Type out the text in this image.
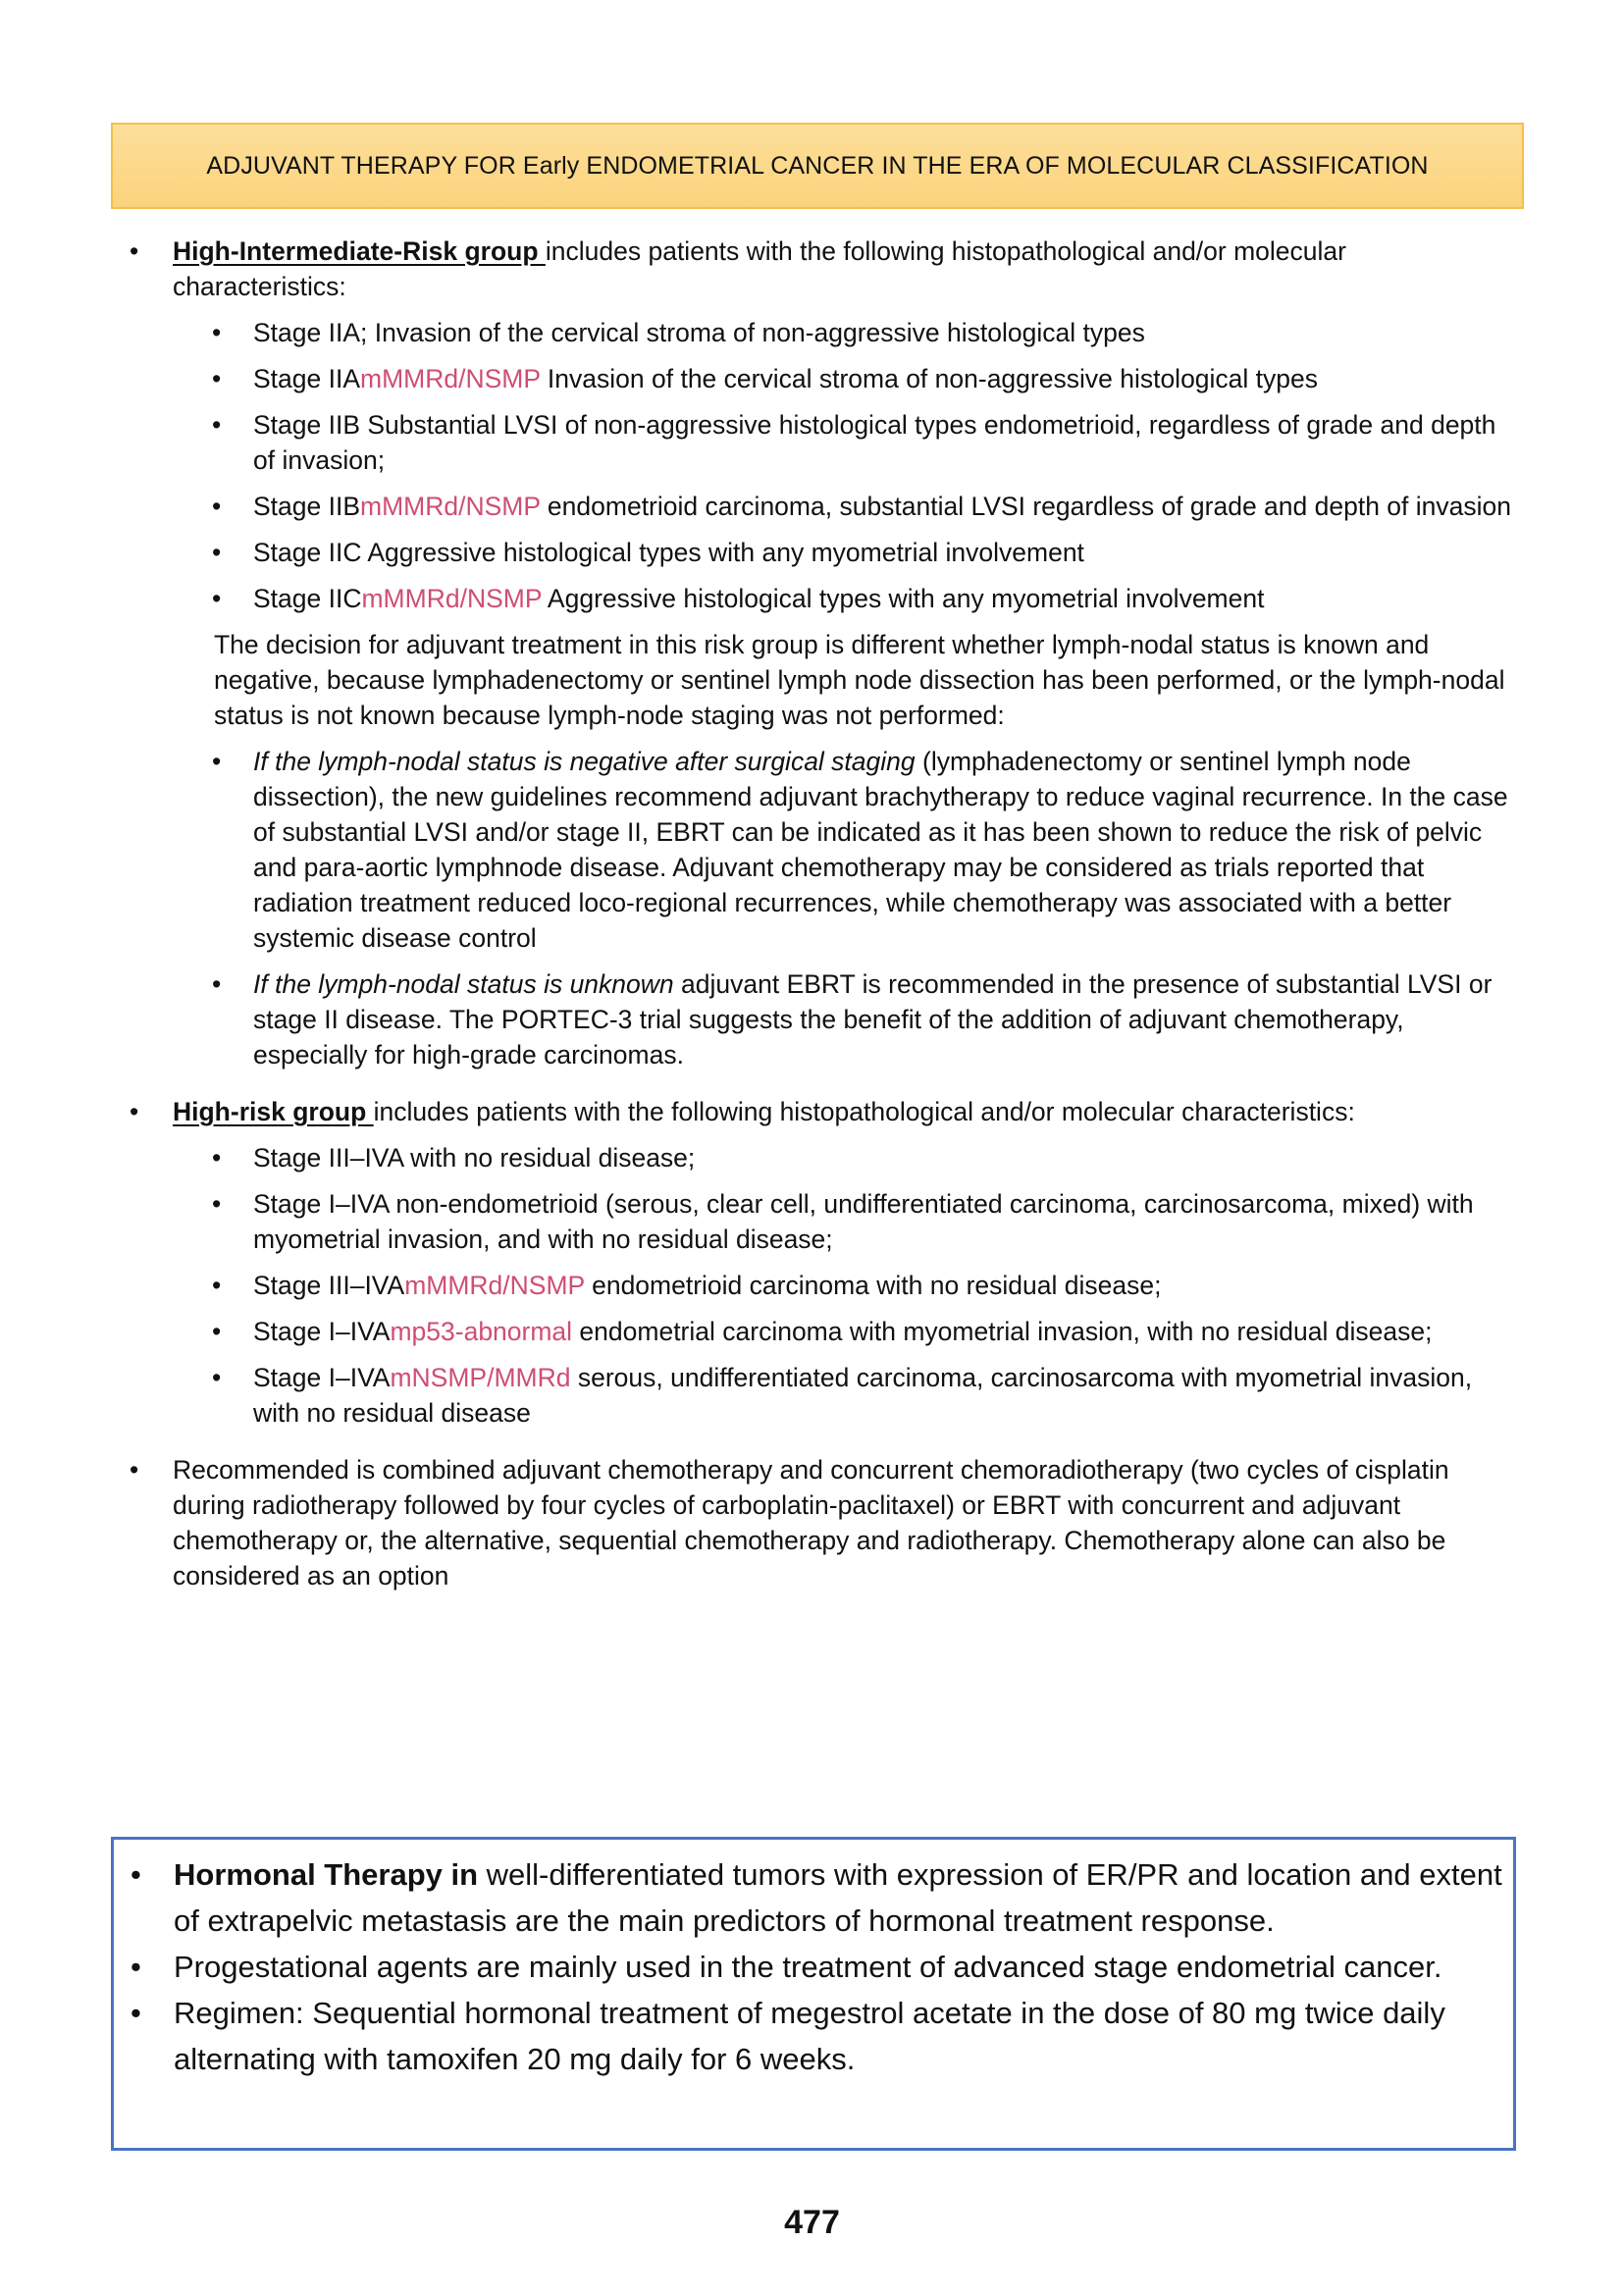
ADJUVANT THERAPY FOR Early ENDOMETRIAL CANCER IN THE ERA OF MOLECULAR CLASSIFICATION

• High-Intermediate-Risk group includes patients with the following histopathological and/or molecular characteristics:

• Stage IIA; Invasion of the cervical stroma of non-aggressive histological types

• Stage IIAmMMRd/NSMP Invasion of the cervical stroma of non-aggressive histological types

• Stage IIB Substantial LVSI of non-aggressive histological types endometrioid, regardless of grade and depth of invasion;

• Stage IIBmMMRd/NSMP endometrioid carcinoma, substantial LVSI regardless of grade and depth of invasion

• Stage IIC Aggressive histological types with any myometrial involvement

• Stage IICmMMRd/NSMP Aggressive histological types with any myometrial involvement

The decision for adjuvant treatment in this risk group is different whether lymph-nodal status is known and negative, because lymphadenectomy or sentinel lymph node dissection has been performed, or the lymph-nodal status is not known because lymph-node staging was not performed:

• If the lymph-nodal status is negative after surgical staging (lymphadenectomy or sentinel lymph node dissection), the new guidelines recommend adjuvant brachytherapy to reduce vaginal recurrence. In the case of substantial LVSI and/or stage II, EBRT can be indicated as it has been shown to reduce the risk of pelvic and para-aortic lymphnode disease. Adjuvant chemotherapy may be considered as trials reported that radiation treatment reduced loco-regional recurrences, while chemotherapy was associated with a better systemic disease control

• If the lymph-nodal status is unknown adjuvant EBRT is recommended in the presence of substantial LVSI or stage II disease. The PORTEC-3 trial suggests the benefit of the addition of adjuvant chemotherapy, especially for high-grade carcinomas.

• High-risk group includes patients with the following histopathological and/or molecular characteristics:

• Stage III–IVA with no residual disease;

• Stage I–IVA non-endometrioid (serous, clear cell, undifferentiated carcinoma, carcinosarcoma, mixed) with myometrial invasion, and with no residual disease;

• Stage III–IVAmMMRd/NSMP endometrioid carcinoma with no residual disease;

• Stage I–IVAmp53-abnormal endometrial carcinoma with myometrial invasion, with no residual disease;

• Stage I–IVAmNSMP/MMRd serous, undifferentiated carcinoma, carcinosarcoma with myometrial invasion, with no residual disease

• Recommended is combined adjuvant chemotherapy and concurrent chemoradiotherapy (two cycles of cisplatin during radiotherapy followed by four cycles of carboplatin-paclitaxel) or EBRT with concurrent and adjuvant chemotherapy or, the alternative, sequential chemotherapy and radiotherapy. Chemotherapy alone can also be considered as an option

• Hormonal Therapy in well-differentiated tumors with expression of ER/PR and location and extent of extrapelvic metastasis are the main predictors of hormonal treatment response.

• Progestational agents are mainly used in the treatment of advanced stage endometrial cancer.

• Regimen: Sequential hormonal treatment of megestrol acetate in the dose of 80 mg twice daily alternating with tamoxifen 20 mg daily for 6 weeks.

477
